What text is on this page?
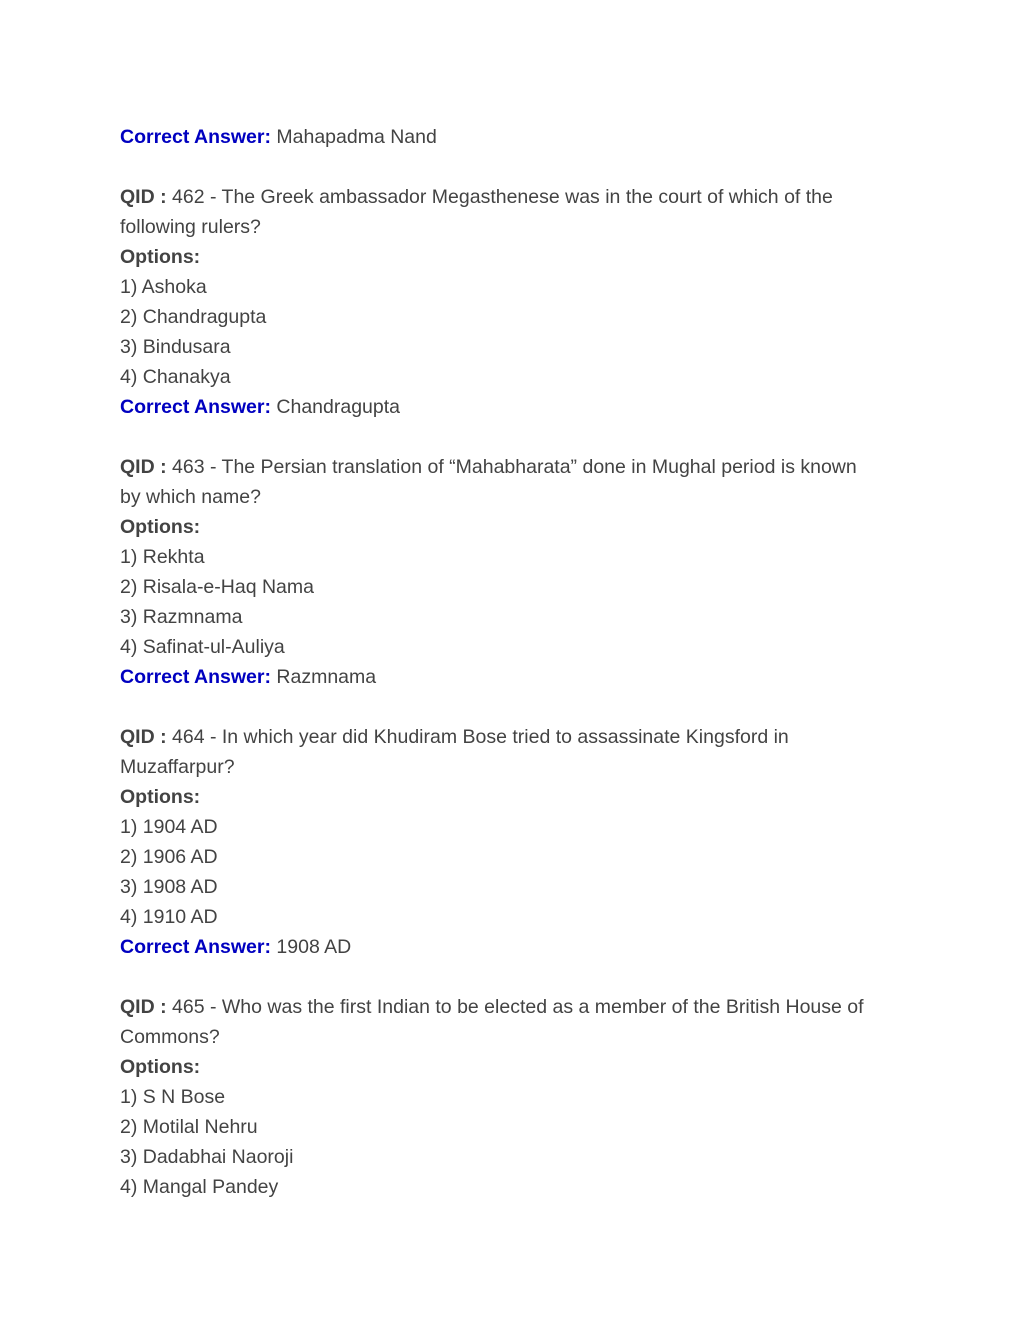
Correct Answer: Mahapadma Nand
QID : 462 - The Greek ambassador Megasthenese was in the court of which of the
following rulers?
Options:
1) Ashoka
2) Chandragupta
3) Bindusara
4) Chanakya
Correct Answer: Chandragupta
QID : 463 - The Persian translation of “Mahabharata” done in Mughal period is known
by which name?
Options:
1) Rekhta
2) Risala-e-Haq Nama
3) Razmnama
4) Safinat-ul-Auliya
Correct Answer: Razmnama
QID : 464 - In which year did Khudiram Bose tried to assassinate Kingsford in
Muzaffarpur?
Options:
1) 1904 AD
2) 1906 AD
3) 1908 AD
4) 1910 AD
Correct Answer: 1908 AD
QID : 465 - Who was the first Indian to be elected as a member of the British House of
Commons?
Options:
1) S N Bose
2) Motilal Nehru
3) Dadabhai Naoroji
4) Mangal Pandey
